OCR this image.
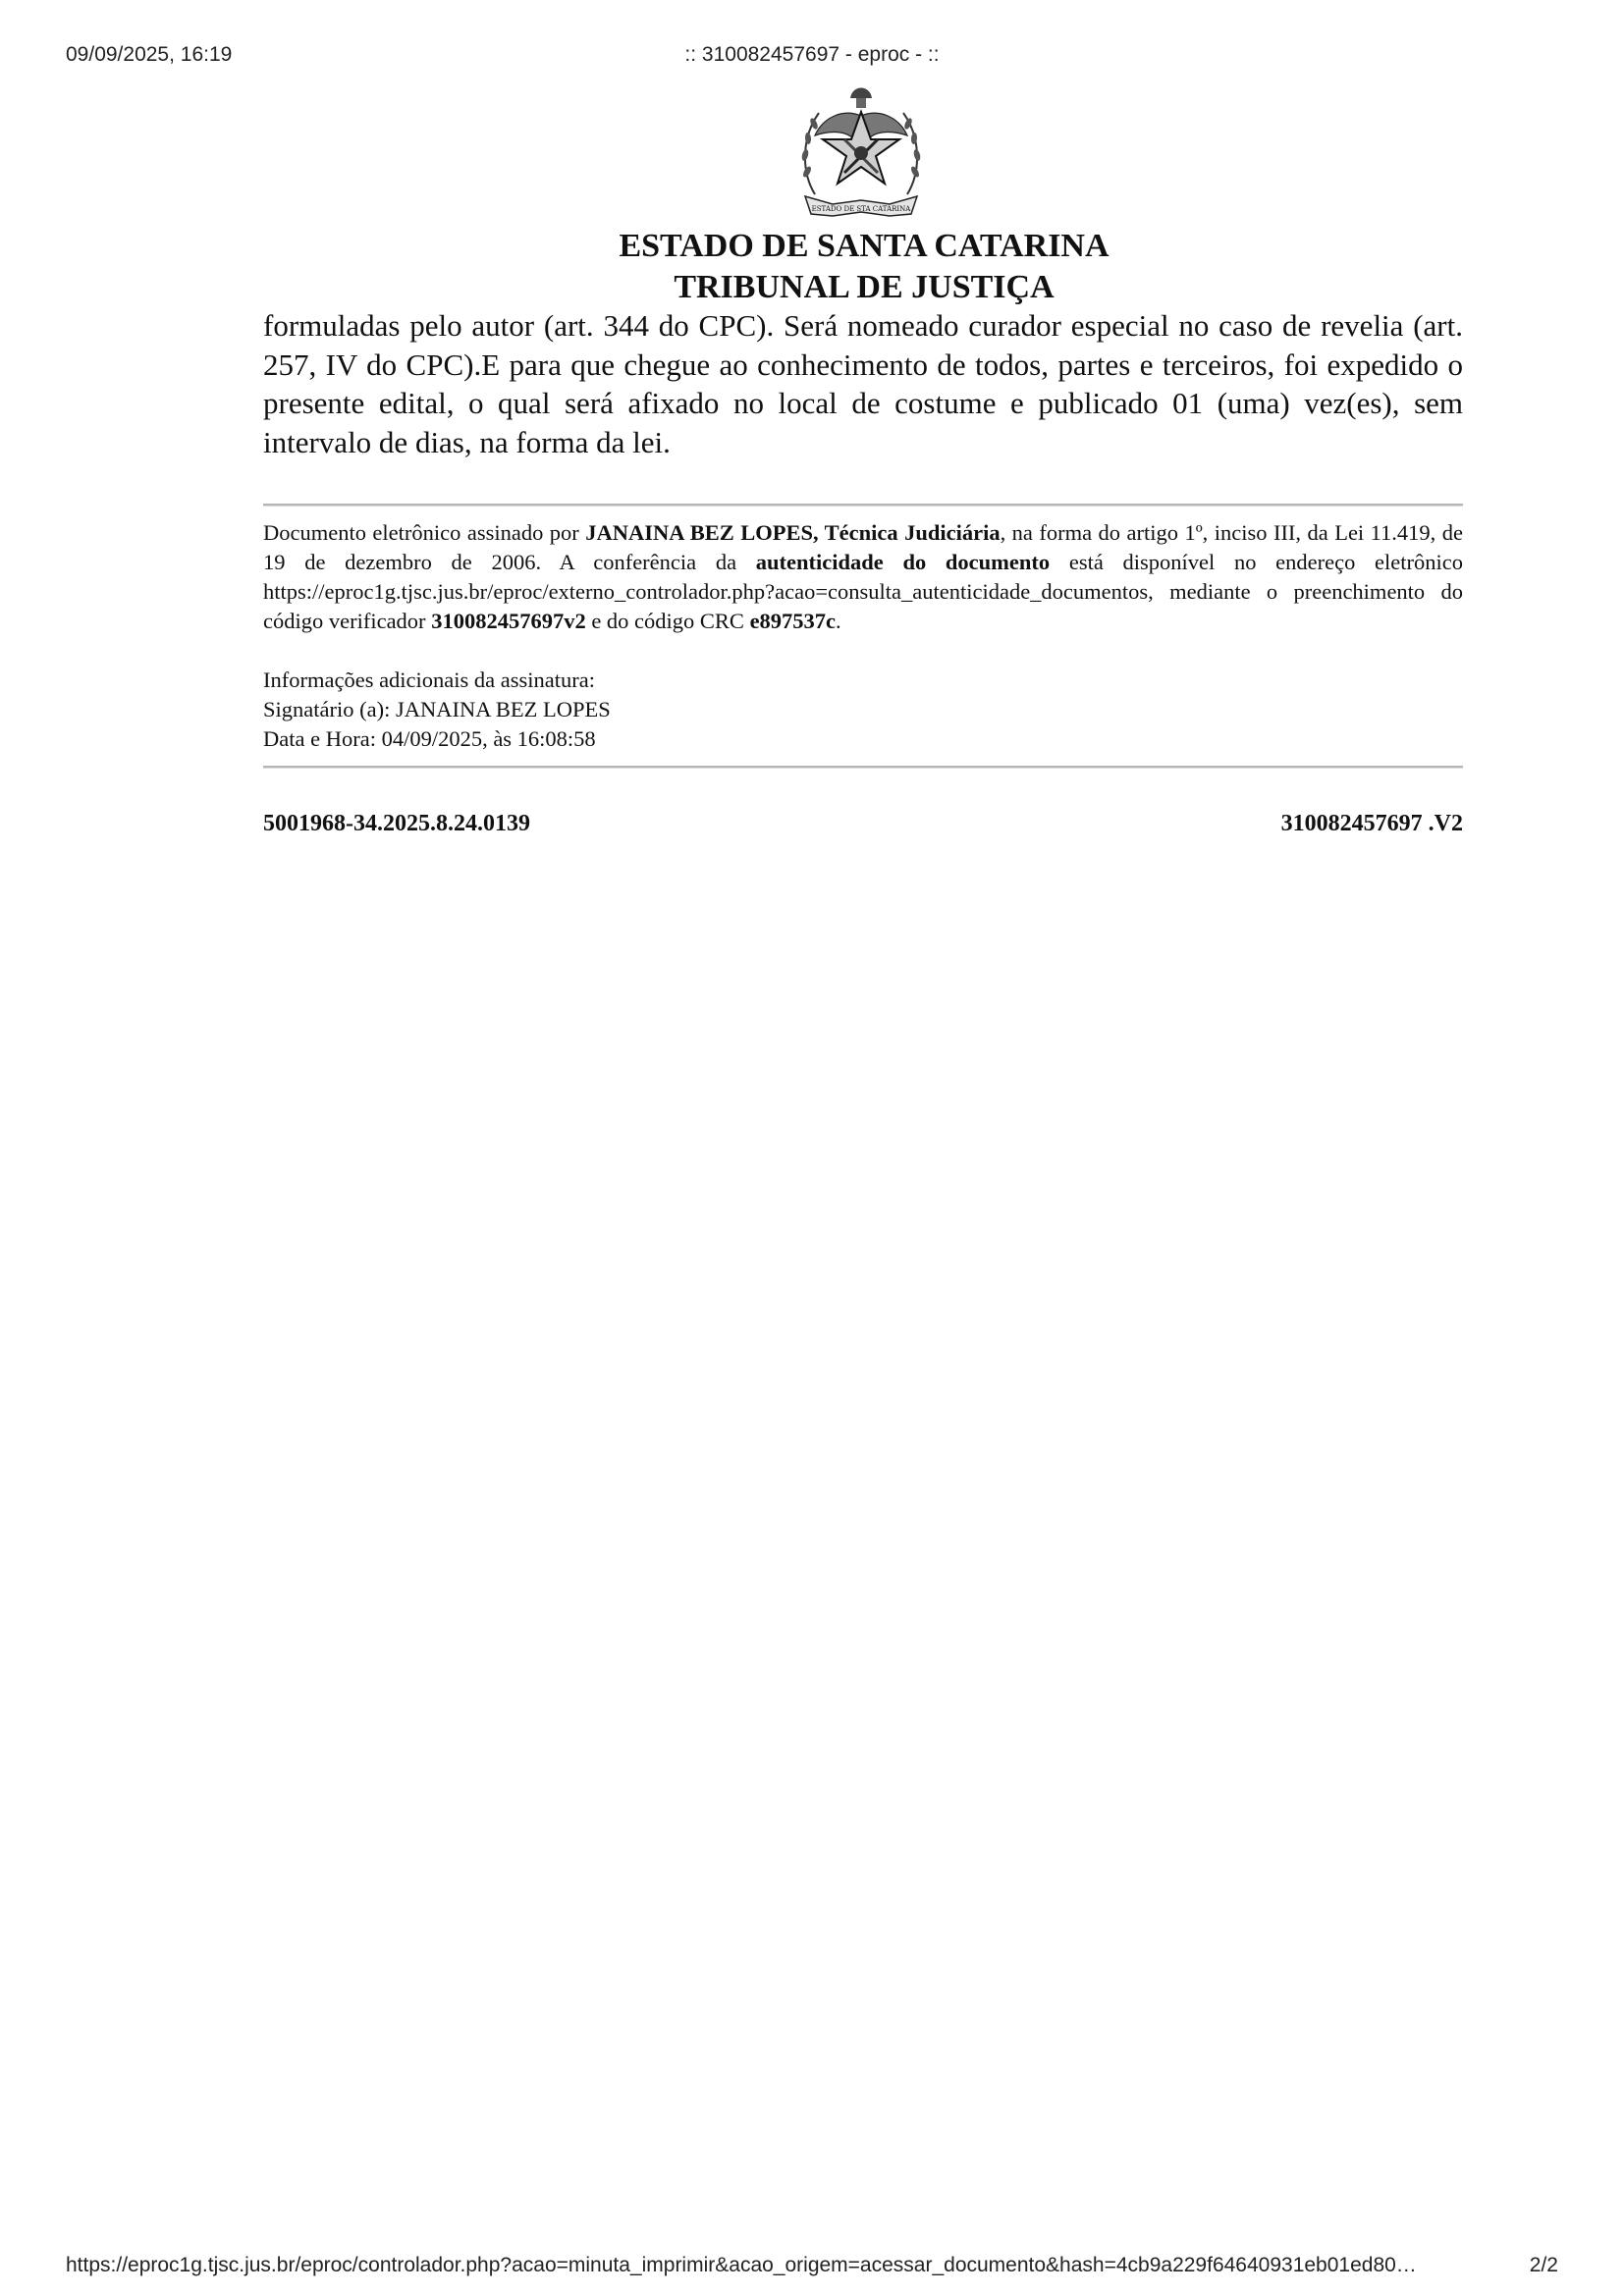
09/09/2025, 16:19	:: 310082457697 - eproc - ::
ESTADO DE STA CATARINA
ESTADO DE SANTA CATARINA
TRIBUNAL DE JUSTIÇA

formuladas pelo autor (art. 344 do CPC). Será nomeado curador especial no caso de revelia (art. 257, IV do CPC).E para que chegue ao conhecimento de todos, partes e terceiros, foi expedido o presente edital, o qual será afixado no local de costume e publicado 01 (uma) vez(es), sem intervalo de dias, na forma da lei.

Documento eletrônico assinado por JANAINA BEZ LOPES, Técnica Judiciária, na forma do artigo 1º, inciso III, da Lei 11.419, de 19 de dezembro de 2006. A conferência da autenticidade do documento está disponível no endereço eletrônico https://eproc1g.tjsc.jus.br/eproc/externo_controlador.php?acao=consulta_autenticidade_documentos, mediante o preenchimento do código verificador 310082457697v2 e do código CRC e897537c.

Informações adicionais da assinatura:
Signatário (a): JANAINA BEZ LOPES
Data e Hora: 04/09/2025, às 16:08:58
5001968-34.2025.8.24.0139	310082457697 .V2
https://eproc1g.tjsc.jus.br/eproc/controlador.php?acao=minuta_imprimir&acao_origem=acessar_documento&hash=4cb9a229f64640931eb01ed80…	2/2
